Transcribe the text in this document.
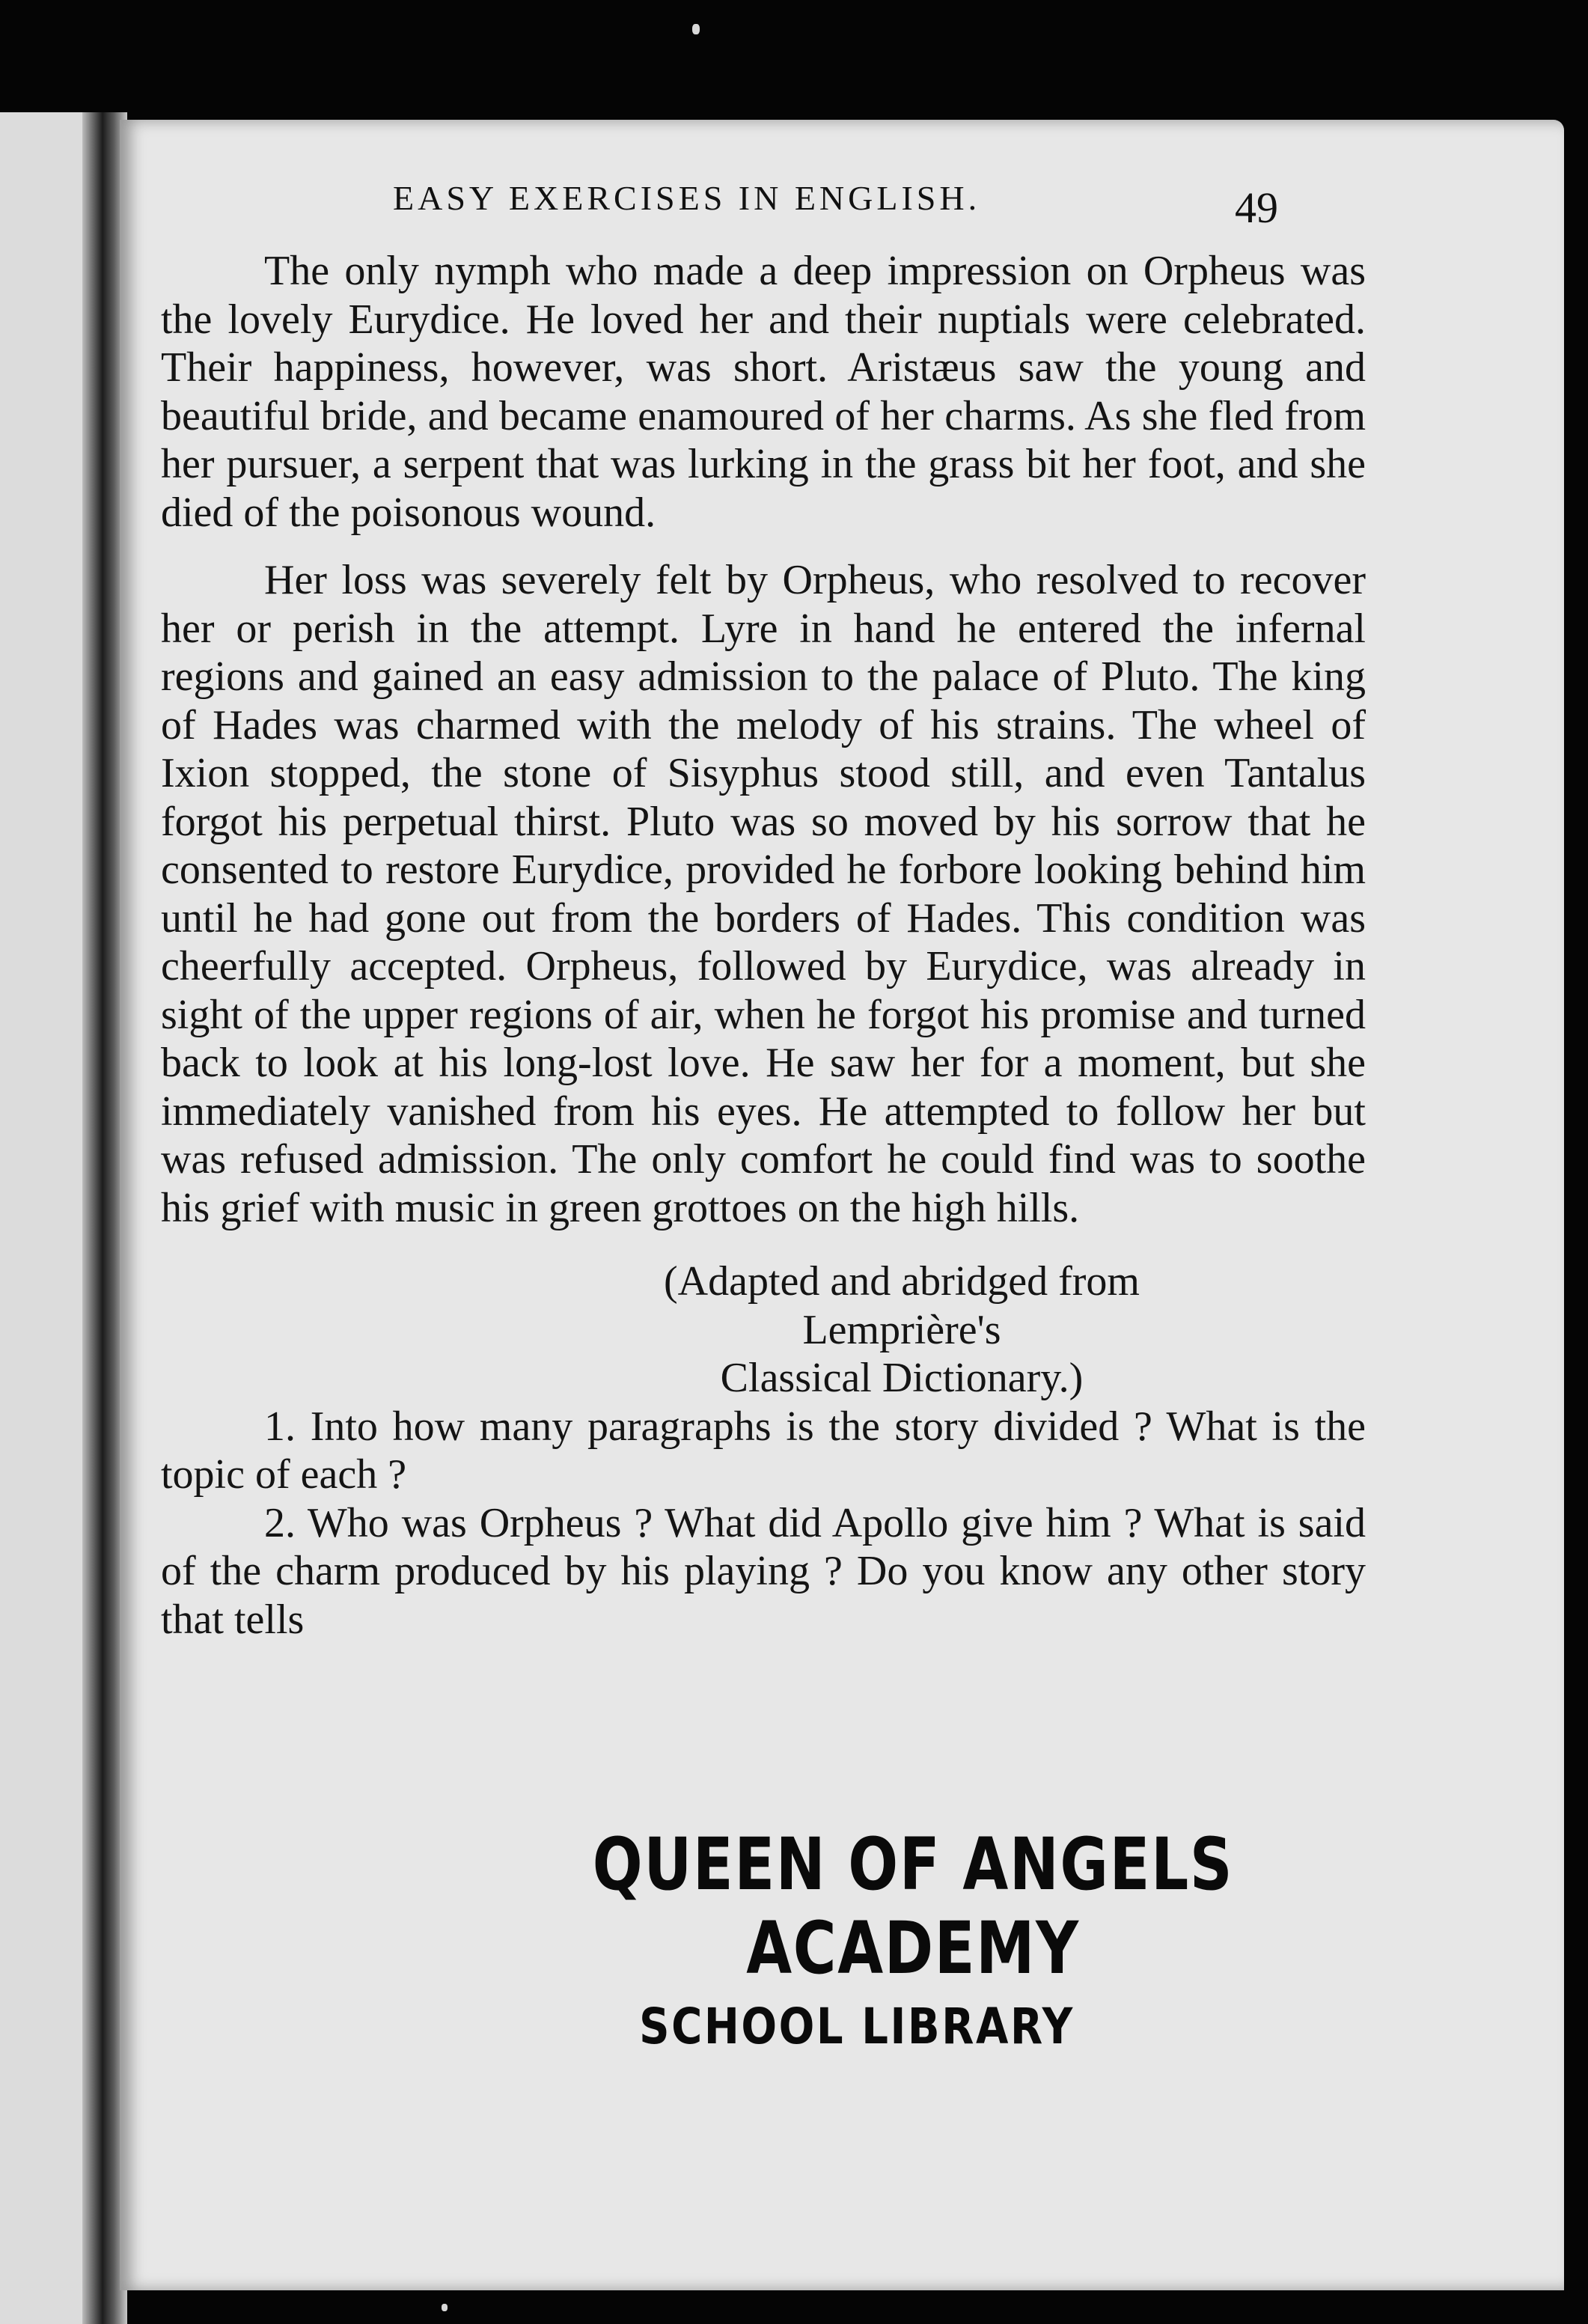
EASY EXERCISES IN ENGLISH.	49

The only nymph who made a deep impression on Orpheus was the lovely Eurydice. He loved her and their nuptials were celebrated. Their happiness, however, was short. Aristæus saw the young and beautiful bride, and became enamoured of her charms. As she fled from her pursuer, a serpent that was lurking in the grass bit her foot, and she died of the poisonous wound.

Her loss was severely felt by Orpheus, who resolved to recover her or perish in the attempt. Lyre in hand he entered the infernal regions and gained an easy admission to the palace of Pluto. The king of Hades was charmed with the melody of his strains. The wheel of Ixion stopped, the stone of Sisyphus stood still, and even Tantalus forgot his perpetual thirst. Pluto was so moved by his sorrow that he consented to restore Eurydice, provided he forbore looking behind him until he had gone out from the borders of Hades. This condition was cheerfully accepted. Orpheus, followed by Eurydice, was already in sight of the upper regions of air, when he forgot his promise and turned back to look at his long-lost love. He saw her for a moment, but she immediately vanished from his eyes. He attempted to follow her but was refused admission. The only comfort he could find was to soothe his grief with music in green grottoes on the high hills.

(Adapted and abridged from Lemprière's
Classical Dictionary.)

1. Into how many paragraphs is the story divided ? What is the topic of each ?

2. Who was Orpheus ? What did Apollo give him ? What is said of the charm produced by his playing ? Do you know any other story that tells

QUEEN OF ANGELS ACADEMY
SCHOOL LIBRARY
